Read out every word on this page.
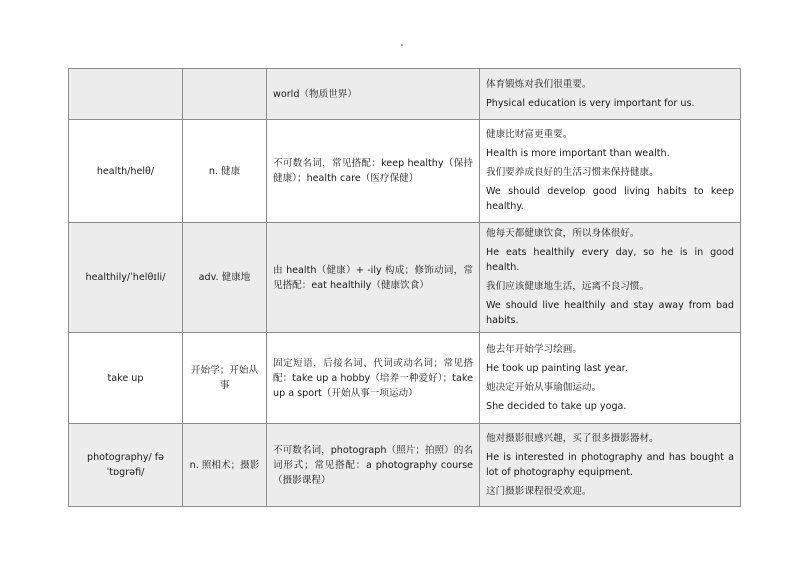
		world（物质世界）	体育锻炼对我们很重要。

Physical education is very important for us.

health/helθ/	n. 健康	不可数名词，常见搭配：keep healthy（保持健康）；health care（医疗保健）	健康比财富更重要。

Health is more important than wealth.

我们要养成良好的生活习惯来保持健康。

We should develop good living habits to keep healthy.

healthily/ˈhelθɪli/	adv. 健康地	由 health（健康）+ -ily 构成；修饰动词，常见搭配：eat healthily（健康饮食）	他每天都健康饮食，所以身体很好。

He eats healthily every day, so he is in good health.

我们应该健康地生活，远离不良习惯。

We should live healthily and stay away from bad habits.

take up	开始学；开始从事	固定短语，后接名词、代词或动名词；常见搭配：take up a hobby（培养一种爱好）；take up a sport（开始从事一项运动）	他去年开始学习绘画。

He took up painting last year.

她决定开始从事瑜伽运动。

She decided to take up yoga.

photography/ fəˈtɒgrəfi/	n. 照相术；摄影	不可数名词，photograph（照片；拍照）的名词形式；常见搭配：a photography course（摄影课程）	他对摄影很感兴趣，买了很多摄影器材。

He is interested in photography and has bought a lot of photography equipment.

这门摄影课程很受欢迎。
